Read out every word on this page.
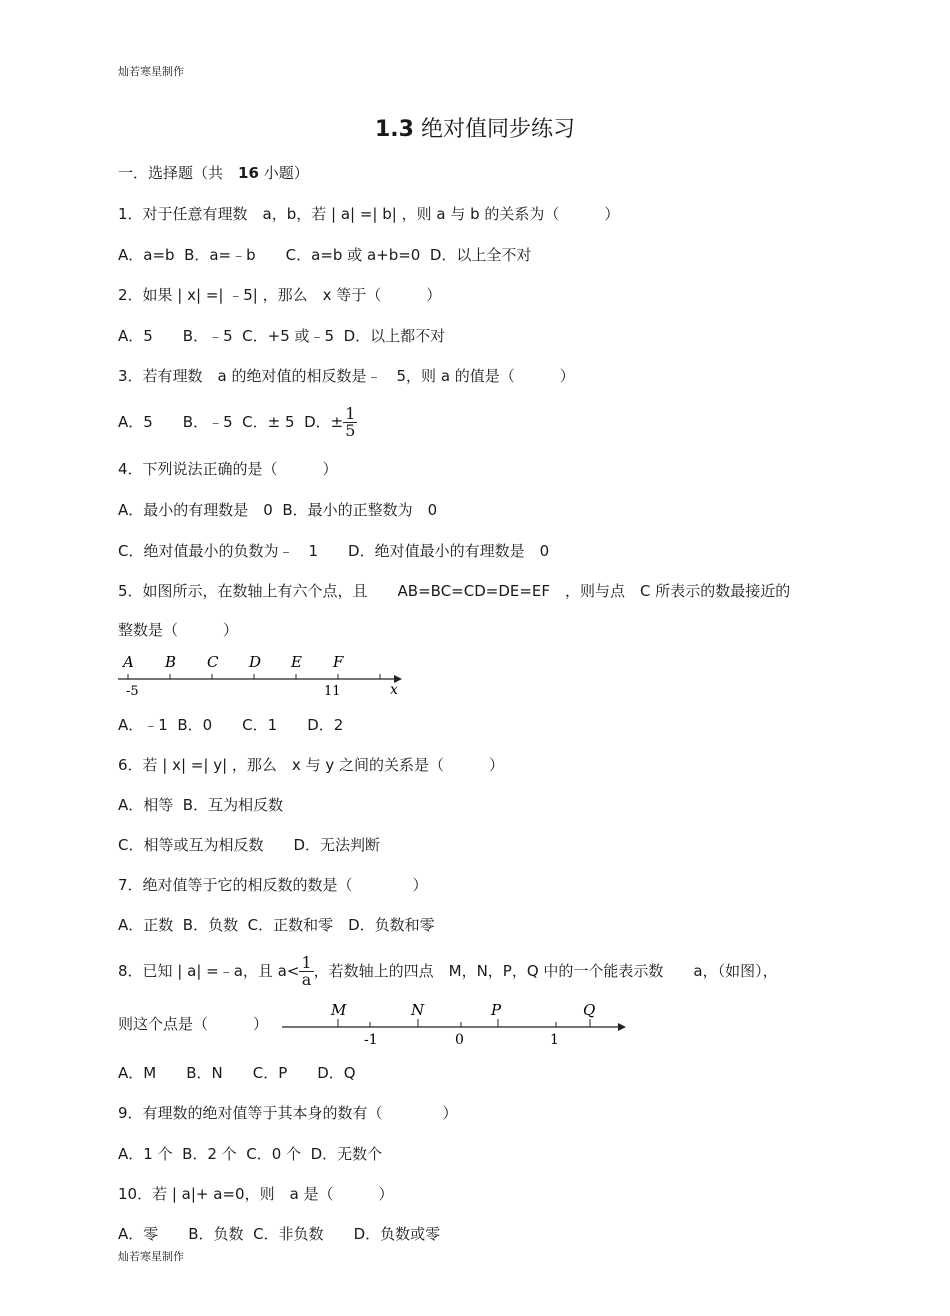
灿若寒星制作
1.3 绝对值同步练习
一．选择题（共　 16 小题）
1．对于任意有理数　a，b，若 | a| =| b| ，则 a 与 b 的关系为（　　　）
A．a=b  B．a=﹣b　　C．a=b 或 a+b=0  D．以上全不对
2．如果 | x| =| ﹣5| ，那么　x 等于（　　　）
A．5　　B．﹣5  C．+5 或﹣5  D．以上都不对
3．若有理数　a 的绝对值的相反数是﹣　5，则 a 的值是（　　　）
A．5　　B．﹣5  C．± 5  D．± $\frac{1}{5}$
4．下列说法正确的是（　　　）
A．最小的有理数是　0  B．最小的正整数为　0
C．绝对值最小的负数为﹣　1　　D．绝对值最小的有理数是　0
5．如图所示，在数轴上有六个点，且　　AB=BC=CD=DE=EF　，则与点　C 所表示的数最接近的
整数是（　　　）
A B C D E F
-5	11	x
A．﹣1  B．0　　C．1　　D．2
6．若 | x| =| y| ，那么　x 与 y 之间的关系是（　　　）
A．相等  B．互为相反数
C．相等或互为相反数　　D．无法判断
7．绝对值等于它的相反数的数是（　　　　）
A．正数  B．负数  C．正数和零　D．负数和零
8．已知 | a| =﹣a，且 $a< \frac{1}{a}$ ，若数轴上的四点　M，N，P，Q 中的一个能表示数　　a，（如图），
则这个点是（　　　）
M	N	P	Q
-1	0	1
A．M　　B．N　　C．P　　D．Q
9．有理数的绝对值等于其本身的数有（　　　　）
A．1 个  B．2 个  C．0 个  D．无数个
10．若 | a|+ a=0，则　a 是（　　　）
A．零　　B．负数  C．非负数　　D．负数或零
灿若寒星制作
